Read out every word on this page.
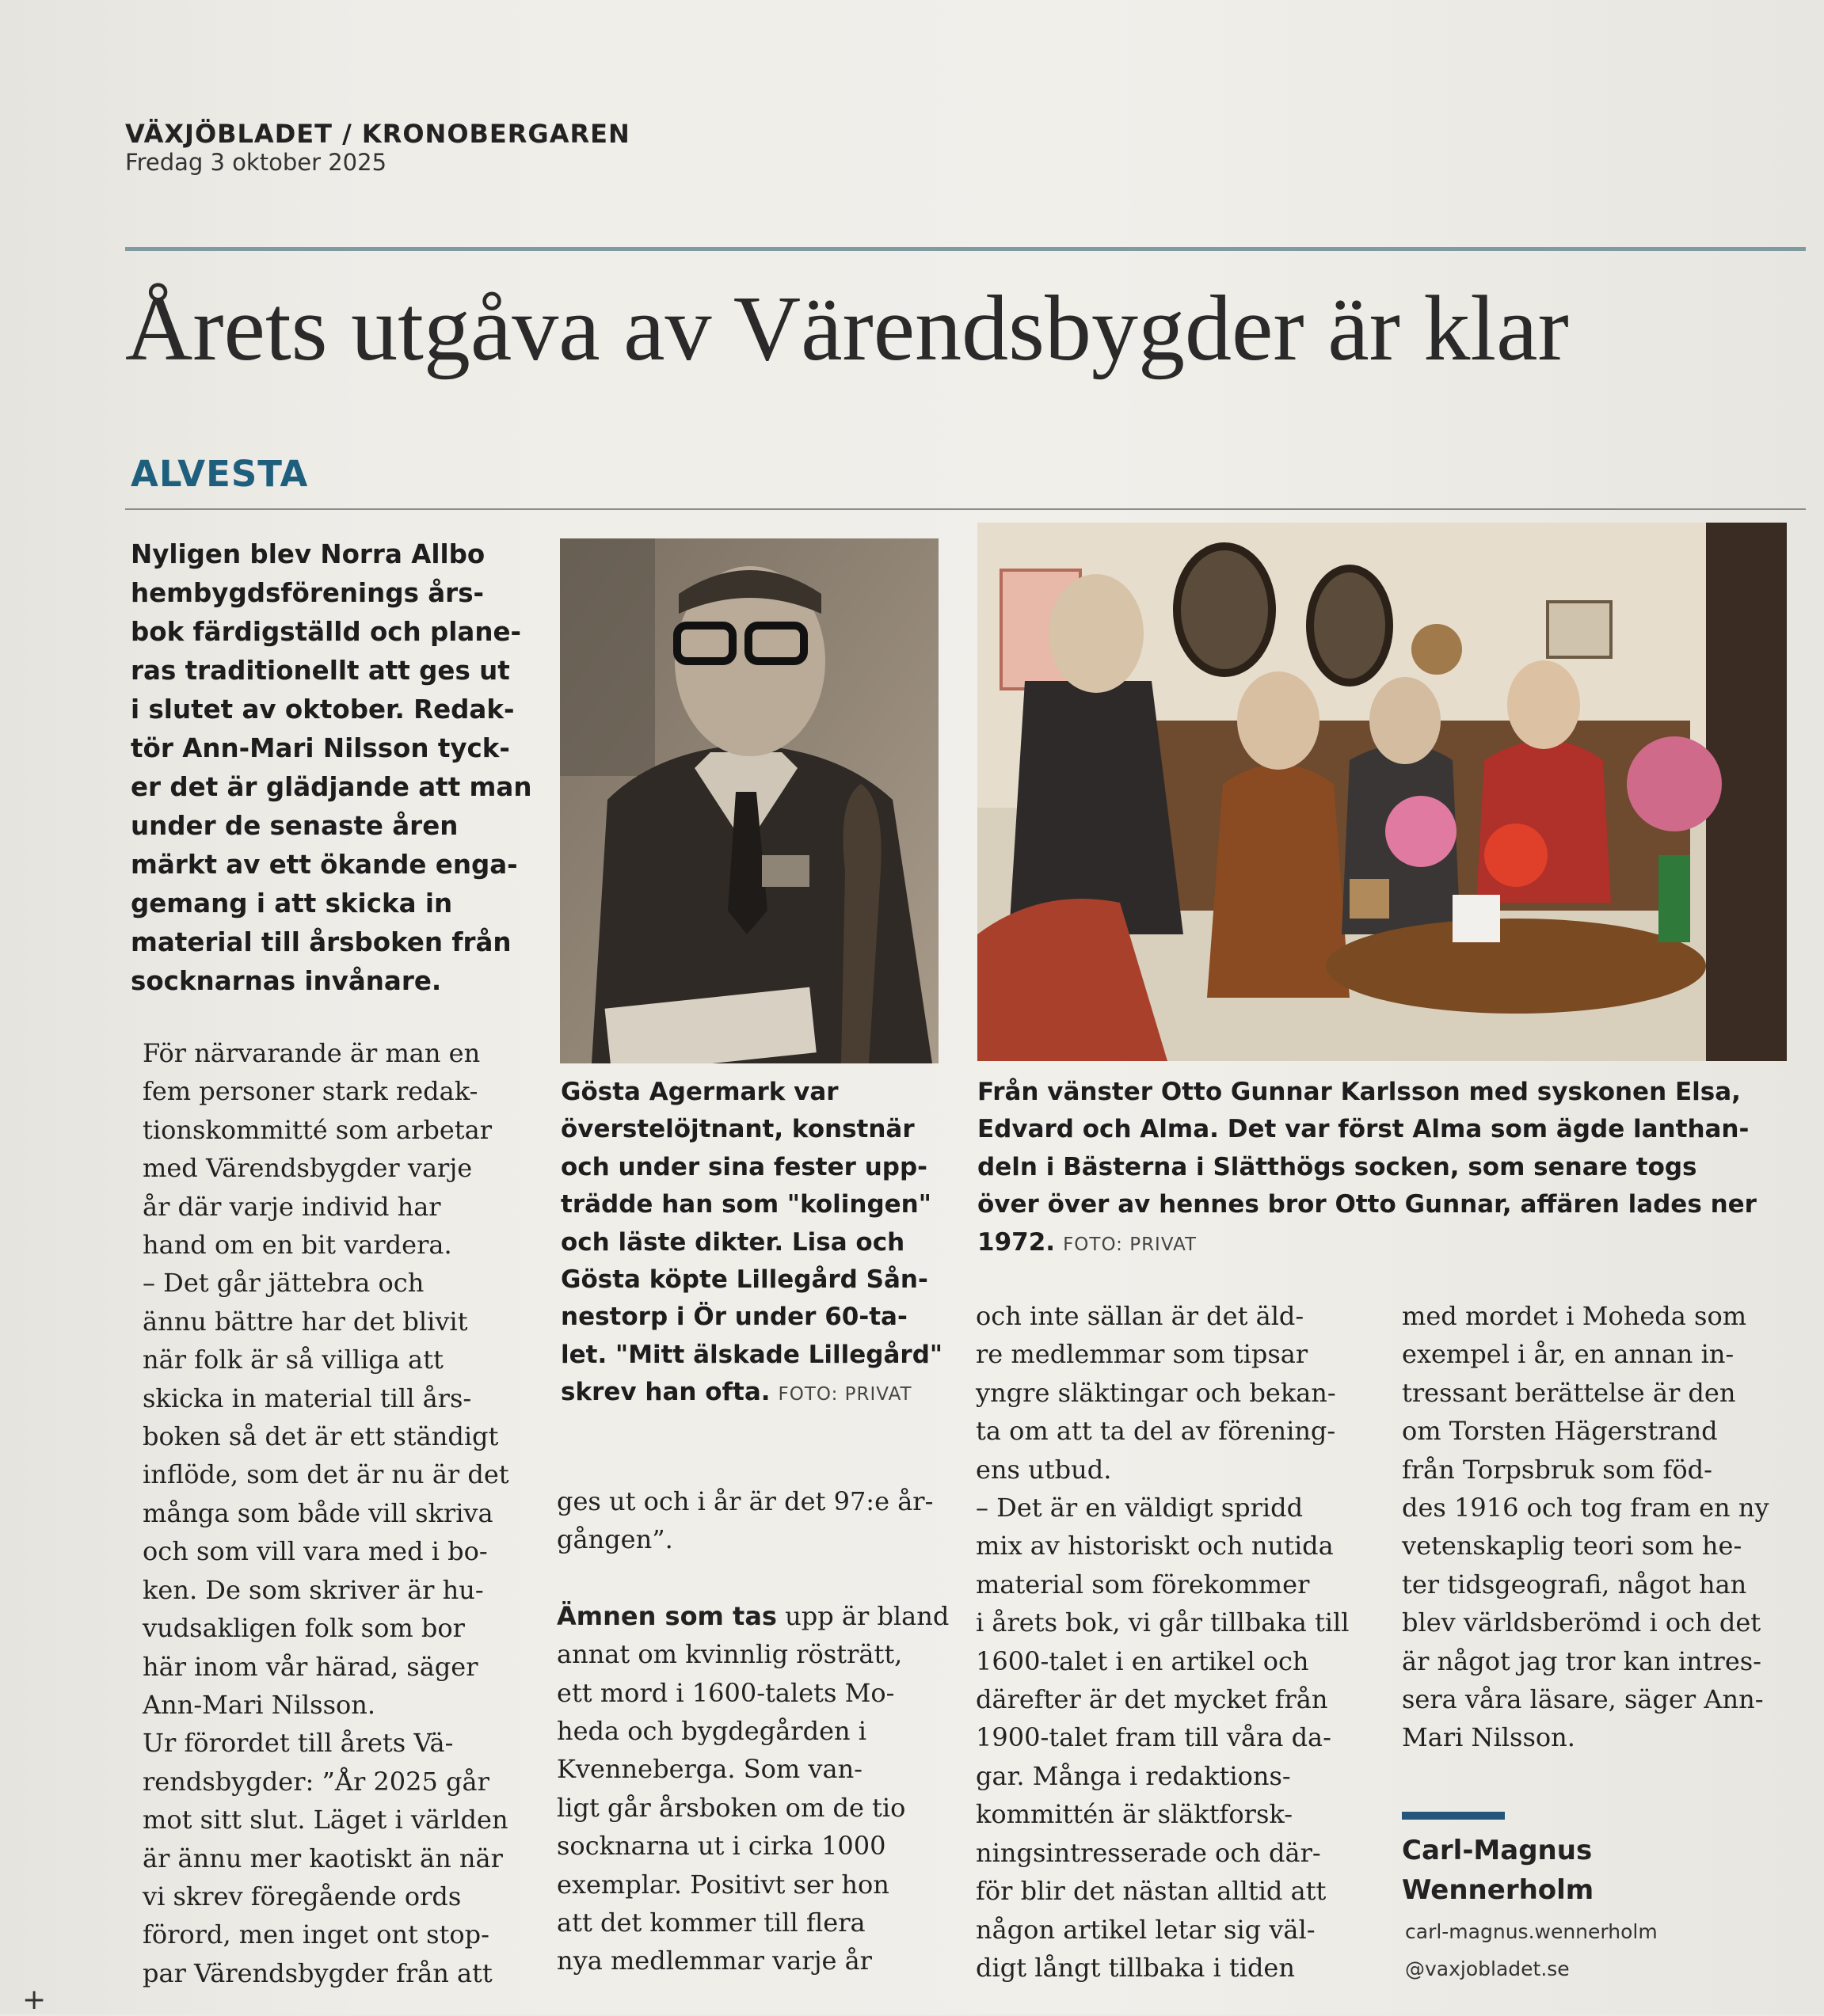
VÄXJÖBLADET / KRONOBERGAREN
Fredag 3 oktober 2025
Årets utgåva av Värendsbygder är klar
ALVESTA
Nyligen blev Norra Allbo
hembygdsförenings års-
bok färdigställd och plane-
ras traditionellt att ges ut
i slutet av oktober. Redak-
tör Ann-Mari Nilsson tyck-
er det är glädjande att man
under de senaste åren
märkt av ett ökande enga-
gemang i att skicka in
material till årsboken från
socknarnas invånare.
För närvarande är man en
fem personer stark redak-
tionskommitté som arbetar
med Värendsbygder varje
år där varje individ har
hand om en bit vardera.
– Det går jättebra och
ännu bättre har det blivit
när folk är så villiga att
skicka in material till års-
boken så det är ett ständigt
inflöde, som det är nu är det
många som både vill skriva
och som vill vara med i bo-
ken. De som skriver är hu-
vudsakligen folk som bor
här inom vår härad, säger
Ann-Mari Nilsson.
Ur förordet till årets Vä-
rendsbygder: ”År 2025 går
mot sitt slut. Läget i världen
är ännu mer kaotiskt än när
vi skrev föregående ords
förord, men inget ont stop-
par Värendsbygder från att
Gösta Agermark var
överstelöjtnant, konstnär
och under sina fester upp-
trädde han som "kolingen"
och läste dikter. Lisa och
Gösta köpte Lillegård Sån-
nestorp i Ör under 60-ta-
let. "Mitt älskade Lillegård"
skrev han ofta. FOTO: PRIVAT
Från vänster Otto Gunnar Karlsson med syskonen Elsa,
Edvard och Alma. Det var först Alma som ägde lanthan-
deln i Bästerna i Slätthögs socken, som senare togs
över över av hennes bror Otto Gunnar, affären lades ner
1972. FOTO: PRIVAT
ges ut och i år är det 97:e år-
gången”.
Ämnen som tas upp är bland
annat om kvinnlig rösträtt,
ett mord i 1600-talets Mo-
heda och bygdegården i
Kvenneberga. Som van-
ligt går årsboken om de tio
socknarna ut i cirka 1000
exemplar. Positivt ser hon
att det kommer till flera
nya medlemmar varje år
och inte sällan är det äld-
re medlemmar som tipsar
yngre släktingar och bekan-
ta om att ta del av förening-
ens utbud.
– Det är en väldigt spridd
mix av historiskt och nutida
material som förekommer
i årets bok, vi går tillbaka till
1600-talet i en artikel och
därefter är det mycket från
1900-talet fram till våra da-
gar. Många i redaktions-
kommittén är släktforsk-
ningsintresserade och där-
för blir det nästan alltid att
någon artikel letar sig väl-
digt långt tillbaka i tiden
med mordet i Moheda som
exempel i år, en annan in-
tressant berättelse är den
om Torsten Hägerstrand
från Torpsbruk som föd-
des 1916 och tog fram en ny
vetenskaplig teori som he-
ter tidsgeografi, något han
blev världsberömd i och det
är något jag tror kan intres-
sera våra läsare, säger Ann-
Mari Nilsson.
Carl-Magnus
Wennerholm
carl-magnus.wennerholm
@vaxjobladet.se
+
